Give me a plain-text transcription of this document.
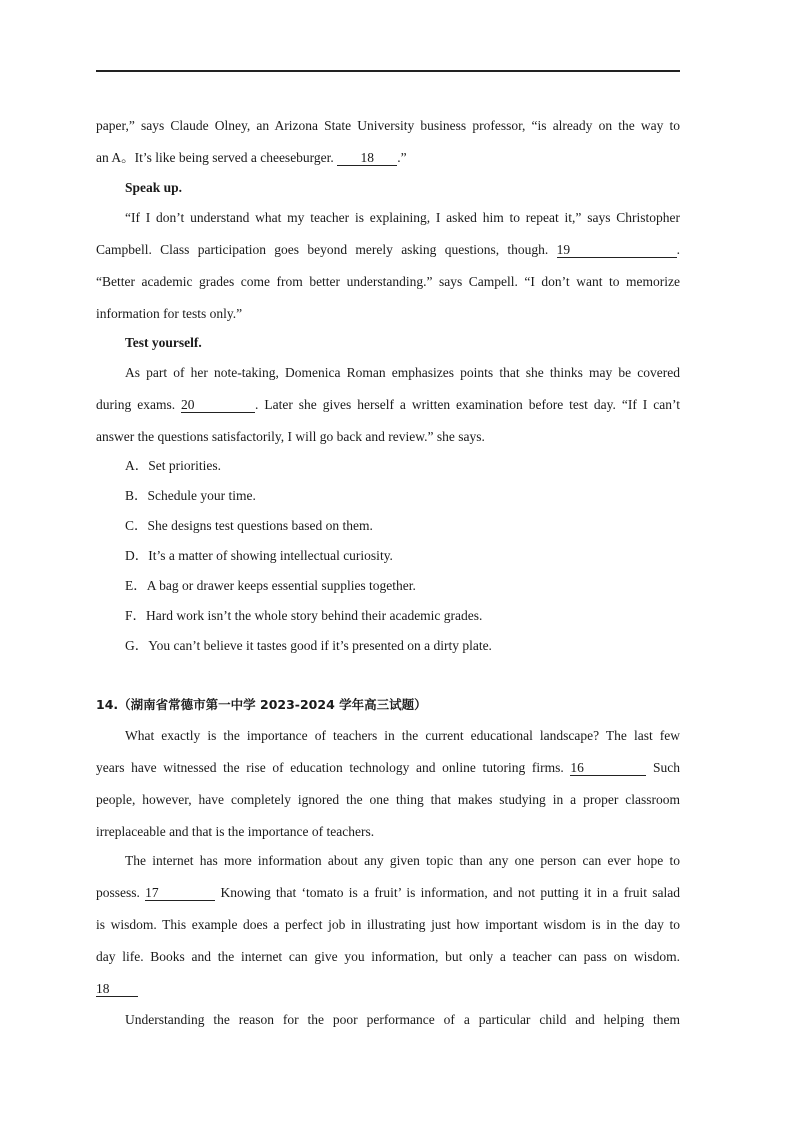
paper,” says Claude Olney, an Arizona State University business professor, “is already on the way to
an A。It’s like being served a cheeseburger. 18 .”
Speak up.
“If I don’t understand what my teacher is explaining, I asked him to repeat it,” says Christopher
Campbell. Class participation goes beyond merely asking questions, though. 19	.
“Better academic grades come from better understanding.” says Campell. “I don’t want to memorize
information for tests only.”
Test yourself.
As part of her note-taking, Domenica Roman emphasizes points that she thinks may be covered
during exams. 20	. Later she gives herself a written examination before test day. “If I can’t
answer the questions satisfactorily, I will go back and review.” she says.
A．Set priorities.
B．Schedule your time.
C．She designs test questions based on them.
D．It’s a matter of showing intellectual curiosity.
E．A bag or drawer keeps essential supplies together.
F．Hard work isn’t the whole story behind their academic grades.
G．You can’t believe it tastes good if it’s presented on a dirty plate.
14.（湖南省常德市第一中学 2023-2024 学年高三试题）
What exactly is the importance of teachers in the current educational landscape? The last few
years have witnessed the rise of education technology and online tutoring firms. 16	Such
people, however, have completely ignored the one thing that makes studying in a proper classroom
irreplaceable and that is the importance of teachers.
The internet has more information about any given topic than any one person can ever hope to
possess. 17	Knowing that ‘tomato is a fruit’ is information, and not putting it in a fruit salad
is wisdom. This example does a perfect job in illustrating just how important wisdom is in the day to
day life. Books and the internet can give you information, but only a teacher can pass on wisdom.
18
Understanding the reason for the poor performance of a particular child and helping them
